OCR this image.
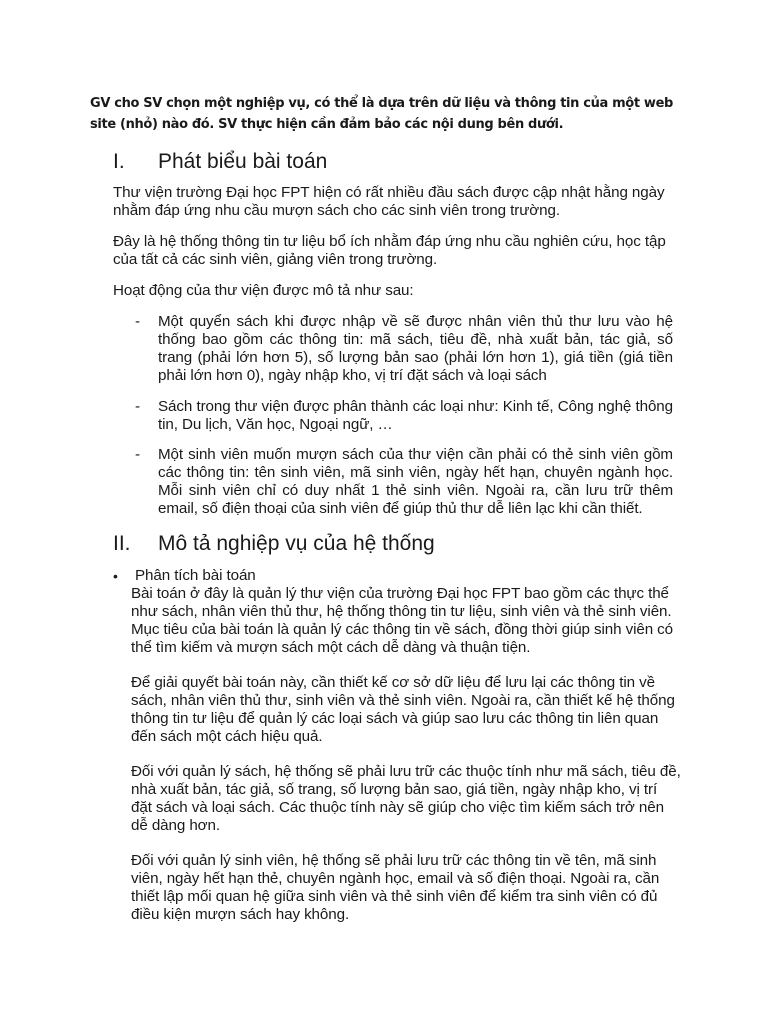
GV cho SV chọn một nghiệp vụ, có thể là dựa trên dữ liệu và thông tin của một web site (nhỏ) nào đó. SV thực hiện cần đảm bảo các nội dung bên dưới.
I. Phát biểu bài toán
Thư viện trường Đại học FPT hiện có rất nhiều đầu sách được cập nhật hằng ngày nhằm đáp ứng nhu cầu mượn sách cho các sinh viên trong trường.
Đây là hệ thống thông tin tư liệu bổ ích nhằm đáp ứng nhu cầu nghiên cứu, học tập của tất cả các sinh viên, giảng viên trong trường.
Hoạt động của thư viện được mô tả như sau:
- Một quyển sách khi được nhập về sẽ được nhân viên thủ thư lưu vào hệ thống bao gồm các thông tin: mã sách, tiêu đề, nhà xuất bản, tác giả, số trang (phải lớn hơn 5), số lượng bản sao (phải lớn hơn 1), giá tiền (giá tiền phải lớn hơn 0), ngày nhập kho, vị trí đặt sách và loại sách
- Sách trong thư viện được phân thành các loại như: Kinh tế, Công nghệ thông tin, Du lịch, Văn học, Ngoại ngữ, …
- Một sinh viên muốn mượn sách của thư viện cần phải có thẻ sinh viên gồm các thông tin: tên sinh viên, mã sinh viên, ngày hết hạn, chuyên ngành học. Mỗi sinh viên chỉ có duy nhất 1 thẻ sinh viên. Ngoài ra, cần lưu trữ thêm email, số điện thoại của sinh viên để giúp thủ thư dễ liên lạc khi cần thiết.
II. Mô tả nghiệp vụ của hệ thống
• Phân tích bài toán
Bài toán ở đây là quản lý thư viện của trường Đại học FPT bao gồm các thực thể như sách, nhân viên thủ thư, hệ thống thông tin tư liệu, sinh viên và thẻ sinh viên. Mục tiêu của bài toán là quản lý các thông tin về sách, đồng thời giúp sinh viên có thể tìm kiếm và mượn sách một cách dễ dàng và thuận tiện.
Để giải quyết bài toán này, cần thiết kế cơ sở dữ liệu để lưu lại các thông tin về sách, nhân viên thủ thư, sinh viên và thẻ sinh viên. Ngoài ra, cần thiết kế hệ thống thông tin tư liệu để quản lý các loại sách và giúp sao lưu các thông tin liên quan đến sách một cách hiệu quả.
Đối với quản lý sách, hệ thống sẽ phải lưu trữ các thuộc tính như mã sách, tiêu đề, nhà xuất bản, tác giả, số trang, số lượng bản sao, giá tiền, ngày nhập kho, vị trí đặt sách và loại sách. Các thuộc tính này sẽ giúp cho việc tìm kiếm sách trở nên dễ dàng hơn.
Đối với quản lý sinh viên, hệ thống sẽ phải lưu trữ các thông tin về tên, mã sinh viên, ngày hết hạn thẻ, chuyên ngành học, email và số điện thoại. Ngoài ra, cần thiết lập mối quan hệ giữa sinh viên và thẻ sinh viên để kiểm tra sinh viên có đủ điều kiện mượn sách hay không.
